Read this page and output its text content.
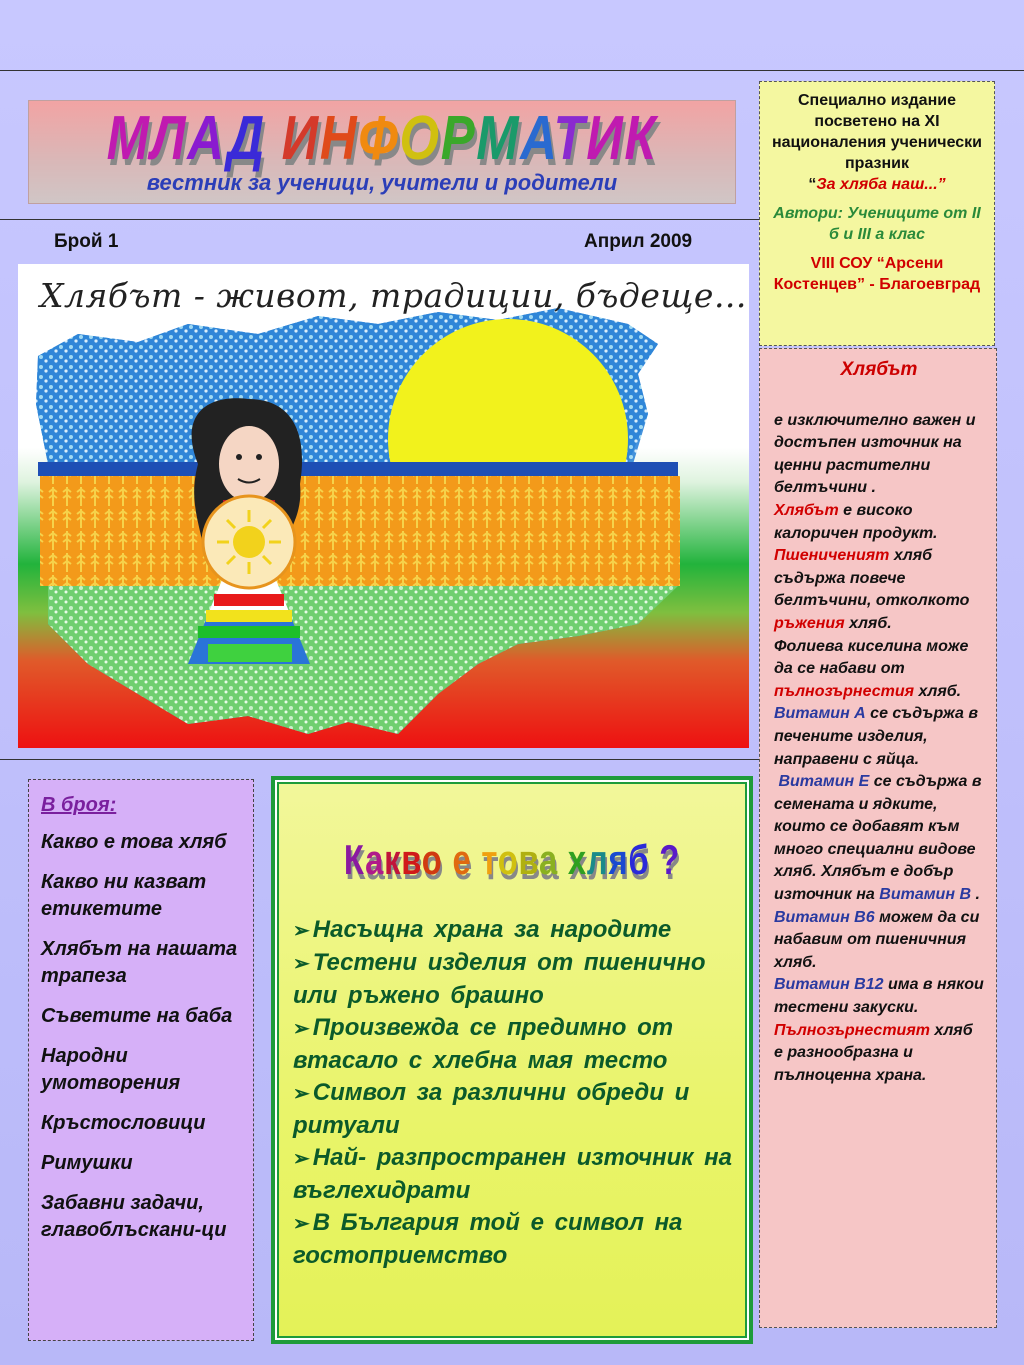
МЛАД ИНФОРМАТИК
вестник за ученици, учители и родители
Брой 1	Април 2009
Хлябът - живот, традиции, бъдеще...

Специално издание посветено на XI националения ученически празник
“За хляба наш...”

Автори: Учениците от II б и III а клас

VIII СОУ “Арсени Костенцев” - Благоевград

Хлябът
е изключително важен и достъпен източник на ценни растителни белтъчини .
Хлябът е високо калоричен продукт.
Пшениченият хляб съдържа повече белтъчини, отколкото ръжения хляб.
Фолиева киселина може да се набави от пълнозърнестия хляб.
Витамин А се съдържа в печените изделия, направени с яйца.
Витамин Е се съдържа в семената и ядките, които се добавят към много специални видове хляб. Хлябът е добър източник на Витамин В .
Витамин В6 можем да си набавим от пшеничния хляб.
Витамин В12 има в някои тестени закуски.
Пълнозърнестият хляб е разнообразна и пълноценна храна.
В броя:
Какво е това хляб
Какво ни казват етикетите
Хлябът на нашата трапеза
Съветите на баба
Народни умотворения
Кръстословици
Римушки
Забавни задачи, главоблъскани-ци
Какво е това хляб ?

➢ Насъщна храна за народите

➢ Тестени изделия от пшенично или ръжено брашно

➢ Произвежда се предимно от втасало с хлебна мая тесто

➢ Символ за различни обреди и ритуали

➢ Най- разпространен източник на въглехидрати

➢ В България той е символ на гостоприемство
